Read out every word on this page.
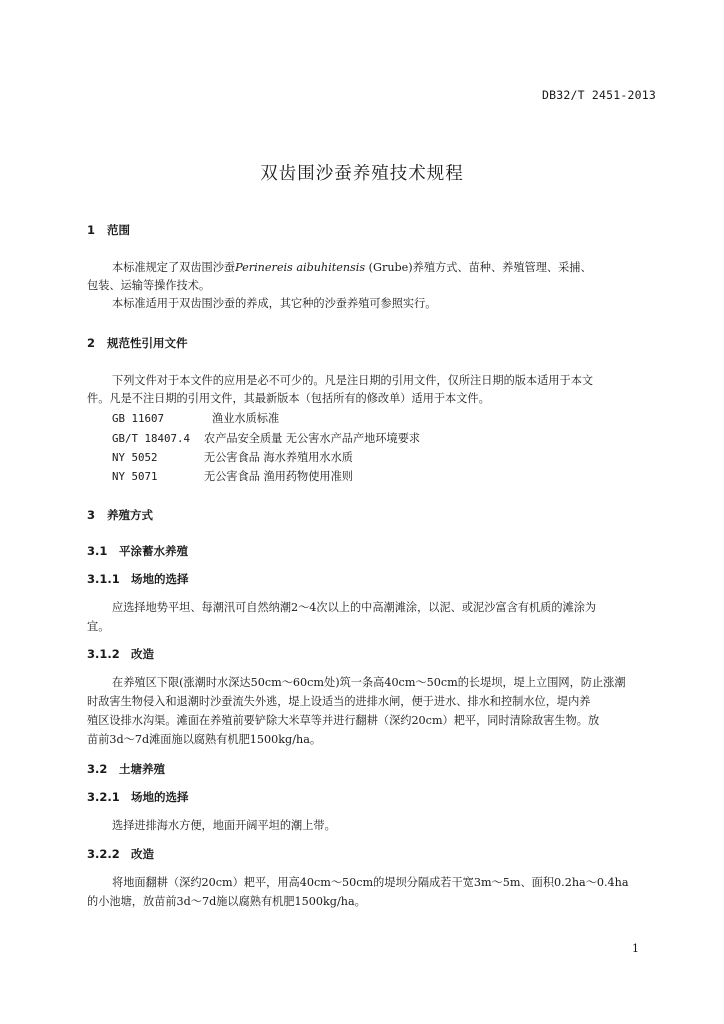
DB32/T 2451-2013
双齿围沙蚕养殖技术规程
1 范围
本标准规定了双齿围沙蚕Perinereis aibuhitensis (Grube)养殖方式、苗种、养殖管理、采捕、
包装、运输等操作技术。
本标准适用于双齿围沙蚕的养成，其它种的沙蚕养殖可参照实行。
2 规范性引用文件
下列文件对于本文件的应用是必不可少的。凡是注日期的引用文件，仅所注日期的版本适用于本文
件。凡是不注日期的引用文件，其最新版本（包括所有的修改单）适用于本文件。
GB 11607	渔业水质标准
GB/T 18407.4 农产品安全质量 无公害水产品产地环境要求
NY 5052	无公害食品 海水养殖用水水质
NY 5071	无公害食品 渔用药物使用准则
3 养殖方式
3.1 平涂蓄水养殖
3.1.1 场地的选择
应选择地势平坦、每潮汛可自然纳潮2～4次以上的中高潮滩涂，以泥、或泥沙富含有机质的滩涂为
宜。
3.1.2 改造
在养殖区下限(涨潮时水深达50cm～60cm处)筑一条高40cm～50cm的长堤坝，堤上立围网，防止涨潮
时敌害生物侵入和退潮时沙蚕流失外逃，堤上设适当的进排水闸，便于进水、排水和控制水位，堤内养
殖区设排水沟渠。滩面在养殖前要铲除大米草等并进行翻耕（深约20cm）耙平，同时清除敌害生物。放
苗前3d～7d滩面施以腐熟有机肥1500kg/ha。
3.2 土塘养殖
3.2.1 场地的选择
选择进排海水方便，地面开阔平坦的潮上带。
3.2.2 改造
将地面翻耕（深约20cm）耙平，用高40cm～50cm的堤坝分隔成若干宽3m～5m、面积0.2ha～0.4ha
的小池塘，放苗前3d～7d施以腐熟有机肥1500kg/ha。
1
